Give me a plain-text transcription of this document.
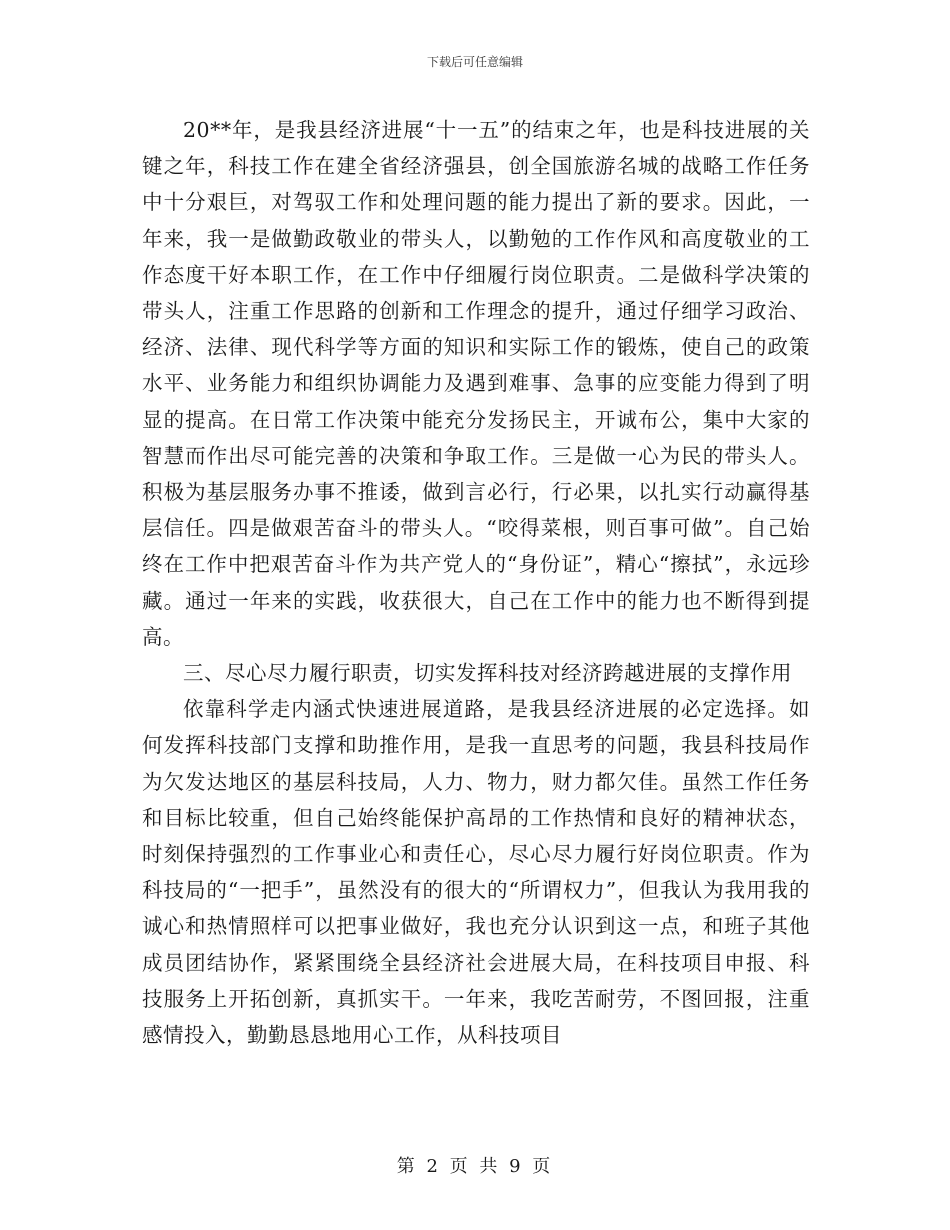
下载后可任意编辑

20**年，是我县经济进展“十一五”的结束之年，也是科技进展的关键之年，科技工作在建全省经济强县，创全国旅游名城的战略工作任务中十分艰巨，对驾驭工作和处理问题的能力提出了新的要求。因此，一年来，我一是做勤政敬业的带头人，以勤勉的工作作风和高度敬业的工作态度干好本职工作，在工作中仔细履行岗位职责。二是做科学决策的带头人，注重工作思路的创新和工作理念的提升，通过仔细学习政治、经济、法律、现代科学等方面的知识和实际工作的锻炼，使自己的政策水平、业务能力和组织协调能力及遇到难事、急事的应变能力得到了明显的提高。在日常工作决策中能充分发扬民主，开诚布公，集中大家的智慧而作出尽可能完善的决策和争取工作。三是做一心为民的带头人。积极为基层服务办事不推诿，做到言必行，行必果，以扎实行动赢得基层信任。四是做艰苦奋斗的带头人。“咬得菜根，则百事可做”。自己始终在工作中把艰苦奋斗作为共产党人的“身份证”，精心“擦拭”，永远珍藏。通过一年来的实践，收获很大，自己在工作中的能力也不断得到提高。

三、尽心尽力履行职责，切实发挥科技对经济跨越进展的支撑作用

依靠科学走内涵式快速进展道路，是我县经济进展的必定选择。如何发挥科技部门支撑和助推作用，是我一直思考的问题，我县科技局作为欠发达地区的基层科技局，人力、物力，财力都欠佳。虽然工作任务和目标比较重，但自己始终能保护高昂的工作热情和良好的精神状态，时刻保持强烈的工作事业心和责任心，尽心尽力履行好岗位职责。作为科技局的“一把手”，虽然没有的很大的“所谓权力”，但我认为我用我的诚心和热情照样可以把事业做好，我也充分认识到这一点，和班子其他成员团结协作，紧紧围绕全县经济社会进展大局，在科技项目申报、科技服务上开拓创新，真抓实干。一年来，我吃苦耐劳，不图回报，注重感情投入，勤勤恳恳地用心工作，从科技项目

第 2 页 共 9 页
